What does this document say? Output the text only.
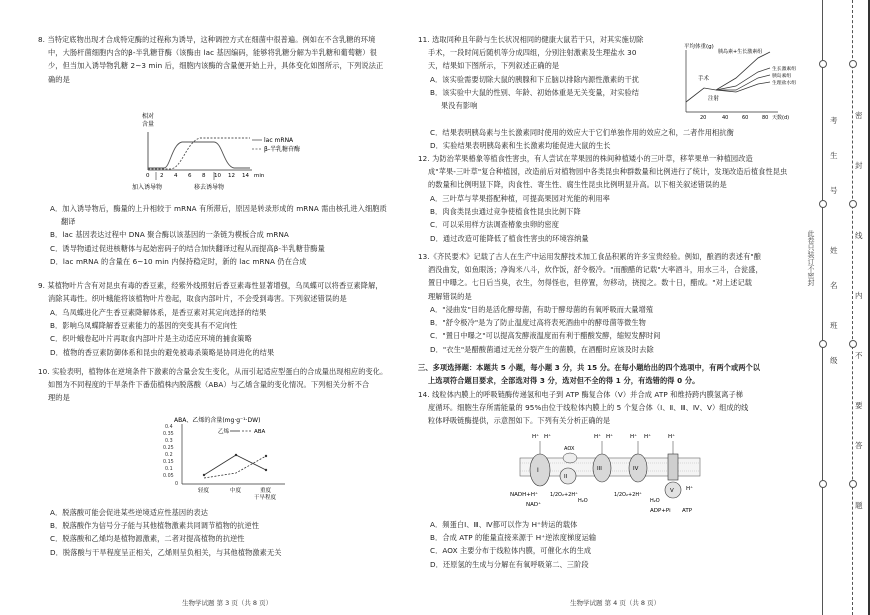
8. 当特定底物出现才合成特定酶的过程称为诱导，这种调控方式在细菌中很普遍。例如在不含乳糖的环境

中，大肠杆菌细胞内含的β-半乳糖苷酶（该酶由 lac 基因编码，能够将乳糖分解为半乳糖和葡萄糖）很

少，但当加入诱导物乳糖 2~3 min 后，细胞内该酶的含量便开始上升，具体变化如图所示，下列说法正

确的是

相对
含量
lac mRNA
β-半乳糖苷酶
0 2 4 6 8 10 12 14 min
加入诱导物	移去诱导物

A．加入诱导物后，酶量的上升相较于 mRNA 有所滞后，原因是转录形成的 mRNA 需由核孔进入细胞质

翻译

B．lac 基因表达过程中 DNA 聚合酶以该基因的一条链为模板合成 mRNA

C．诱导物通过促进核糖体与起始密码子的结合加快翻译过程从而提高β-半乳糖苷酶量

D．lac mRNA 的含量在 6~10 min 内保持稳定时，新的 lac mRNA 仍在合成

9. 某植物叶片含有对昆虫有毒的香豆素，经紫外线照射后香豆素毒性显著增强，乌凤蝶可以将香豆素降解，

消除其毒性。织叶蛾能将该植物叶片卷起，取食内部叶片，不会受到毒害。下列叙述错误的是

A．乌凤蝶进化产生香豆素降解体系，是香豆素对其定向选择的结果

B．影响乌凤蝶降解香豆素能力的基因的突变具有不定向性

C．织叶蛾卷起叶片再取食内部叶片是主动适应环境的捕食策略

D．植物的香豆素防御体系和昆虫的避免被毒杀策略是协同进化的结果

10. 实验表明，植物体在逆境条件下激素的含量会发生变化，从而引起适应型蛋白的合成量出现相应的变化。

如图为不同程度的干旱条件下番茄植株内脱落酸（ABA）与乙烯含量的变化情况。下列相关分析不合

理的是

ABA、乙烯的含量(mg·g⁻¹·DW)
乙烯	ABA
0.4
0.35
0.3
0.25
0.2
0.15
0.1
0.05
0
轻度	中度	重度
干旱程度

A．脱落酸可能会促进某些逆境适应性基因的表达

B．脱落酸作为信号分子能与其他植物激素共同调节植物的抗逆性

C．脱落酸和乙烯均是植物源激素，二者对提高植物的抗逆性

D．脱落酸与干旱程度呈正相关，乙烯则呈负相关，与其他植物激素无关

生物学试题 第 3 页（共 8 页）

11. 选取同种且年龄与生长状况相同的健康大鼠若干只，对其实施切除

手术，一段时间后随机等分成四组，分别注射激素及生理盐水 30

天，结果如下图所示，下列叙述正确的是

A．该实验需要切除大鼠的胰腺和下丘脑以排除内源性激素的干扰

B．该实验中大鼠的性别、年龄、初始体重是无关变量，对实验结

果没有影响

平均体重(g)
胰岛素+生长激素组
生长激素组
胰岛素组
生理盐水组
手术
注射
20	40	60	80 天数(d)

C．结果表明胰岛素与生长激素同时使用的效应大于它们单独作用的效应之和，二者作用相抗衡

D．实验结果表明胰岛素和生长激素均能促进大鼠的生长

12. 为防治苹果椿象等植食性害虫，有人尝试在苹果园的株间种植矮小的三叶草，移苹果单一种植园改造

成"苹果-三叶草"复合种植园，改造前后对植物园中各类昆虫种群数量和比例进行了统计，发现改造后植食性昆虫

的数量和比例明显下降，肉食性、寄生性、腐生性昆虫比例明显升高。以下相关叙述错误的是

A．三叶草与苹果搭配种植，可提高果园对光能的利用率

B．肉食类昆虫通过竞争使植食性昆虫比例下降

C．可以采用样方法调查椿象虫卵的密度

D．通过改造可能降低了植食性害虫的环境容纳量

13.《齐民要术》记载了古人在生产中运用发酵技术加工食品积累的许多宝贵经验。例如，酿酒的表述有"酿

酒没曲发，如鱼眼汤；净淘米八斗，炊作饭，舒令极冷。"而酿醋的记载"大率酒斗，用水三斗，合瓮盛，

置日中曝之。七日后当臭，衣生，勿得怪也，但停置，勿移动，挠搅之。数十日，醋成。"对上述记载

理解错误的是

A．"浸曲发"目的是活化酵母菌，有助于酵母菌的有氧呼吸而大量增殖

B．"舒令极冷"是为了防止温度过高将表死酒曲中的酵母菌等微生物

C．"置日中曝之"可以提高发酵液温度而有利于醋酸发酵，缩短发酵时间

D．"衣生"是醋酸菌通过无丝分裂产生的菌膜，在酒醋时应该及时去除

三、多项选择题：本题共 5 小题，每小题 3 分，共 15 分。在每小题给出的四个选项中，有两个或两个以

上选项符合题目要求，全部选对得 3 分，选对但不全的得 1 分，有选错的得 0 分。

14. 线粒体内膜上的呼吸链酶传递氢和电子到 ATP 酶复合体（V）并合成 ATP 和维持跨内膜氢离子梯

度循环。细胞生存所需能量的 95%由位于线粒体内膜上的 5 个复合体（Ⅰ、Ⅱ、Ⅲ、Ⅳ、Ⅴ）组成的线

粒体呼吸链酶提供，示意图如下。下列有关分析正确的是

I
II
III	IV
V
AOX
H⁺ H⁺	H⁺ H⁺	H⁺ H⁺	H⁺
H⁺
NADH+H⁺
NAD⁺
1/2O₂+2H⁺
H₂O
1/2O₂+2H⁺
H₂O
ADP+Pi ATP

A．频蛋白Ⅰ、Ⅲ、Ⅳ都可以作为 H⁺转运的载体

B．合成 ATP 的能量直接来源于 H⁺逆浓度梯度运输

C．AOX 主要分布于线粒体内膜，可催化水的生成

D．还原氢的生成与分解在有氧呼吸第二、三阶段

生物学试题 第 4 页（共 8 页）
考
生
号
姓
名
班
级
密
封
线
内
不
要
答
题
此卷只装订不密封
